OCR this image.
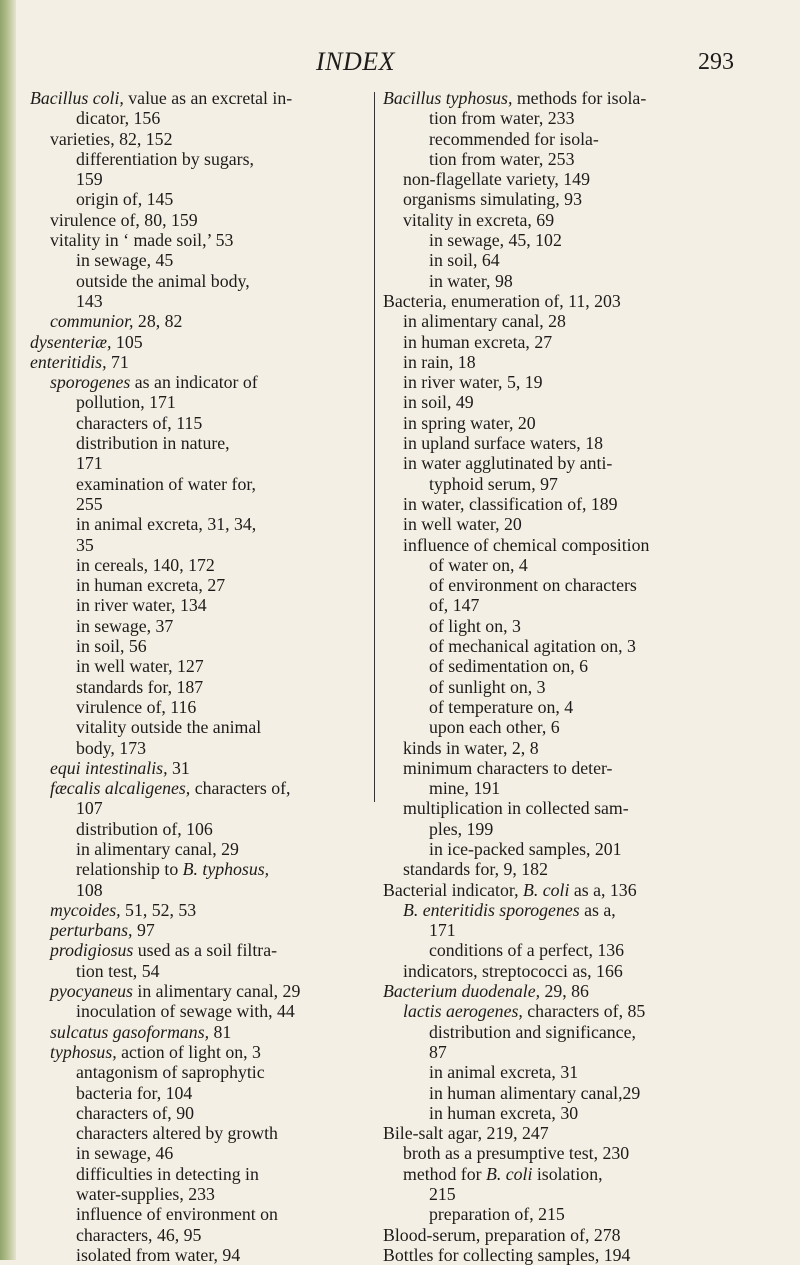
INDEX	293
Bacillus coli, value as an excretal in-
dicator, 156
varieties, 82, 152
differentiation by sugars,
159
origin of, 145
virulence of, 80, 159
vitality in ‘ made soil,’ 53
in sewage, 45
outside the animal body,
143
communior, 28, 82
dysenteriæ, 105
enteritidis, 71
sporogenes as an indicator of
pollution, 171
characters of, 115
distribution in nature,
171
examination of water for,
255
in animal excreta, 31, 34,
35
in cereals, 140, 172
in human excreta, 27
in river water, 134
in sewage, 37
in soil, 56
in well water, 127
standards for, 187
virulence of, 116
vitality outside the animal
body, 173
equi intestinalis, 31
fæcalis alcaligenes, characters of,
107
distribution of, 106
in alimentary canal, 29
relationship to B. typhosus,
108
mycoides, 51, 52, 53
perturbans, 97
prodigiosus used as a soil filtra-
tion test, 54
pyocyaneus in alimentary canal, 29
inoculation of sewage with, 44
sulcatus gasoformans, 81
typhosus, action of light on, 3
antagonism of saprophytic
bacteria for, 104
characters of, 90
characters altered by growth
in sewage, 46
difficulties in detecting in
water-supplies, 233
influence of environment on
characters, 46, 95
isolated from water, 94
Bacillus typhosus, methods for isola-
tion from water, 233
recommended for isola-
tion from water, 253
non-flagellate variety, 149
organisms simulating, 93
vitality in excreta, 69
in sewage, 45, 102
in soil, 64
in water, 98
Bacteria, enumeration of, 11, 203
in alimentary canal, 28
in human excreta, 27
in rain, 18
in river water, 5, 19
in soil, 49
in spring water, 20
in upland surface waters, 18
in water agglutinated by anti-
typhoid serum, 97
in water, classification of, 189
in well water, 20
influence of chemical composition
of water on, 4
of environment on characters
of, 147
of light on, 3
of mechanical agitation on, 3
of sedimentation on, 6
of sunlight on, 3
of temperature on, 4
upon each other, 6
kinds in water, 2, 8
minimum characters to deter-
mine, 191
multiplication in collected sam-
ples, 199
in ice-packed samples, 201
standards for, 9, 182
Bacterial indicator, B. coli as a, 136
B. enteritidis sporogenes as a,
171
conditions of a perfect, 136
indicators, streptococci as, 166
Bacterium duodenale, 29, 86
lactis aerogenes, characters of, 85
distribution and significance,
87
in animal excreta, 31
in human alimentary canal,29
in human excreta, 30
Bile-salt agar, 219, 247
broth as a presumptive test, 230
method for B. coli isolation,
215
preparation of, 215
Blood-serum, preparation of, 278
Bottles for collecting samples, 194
